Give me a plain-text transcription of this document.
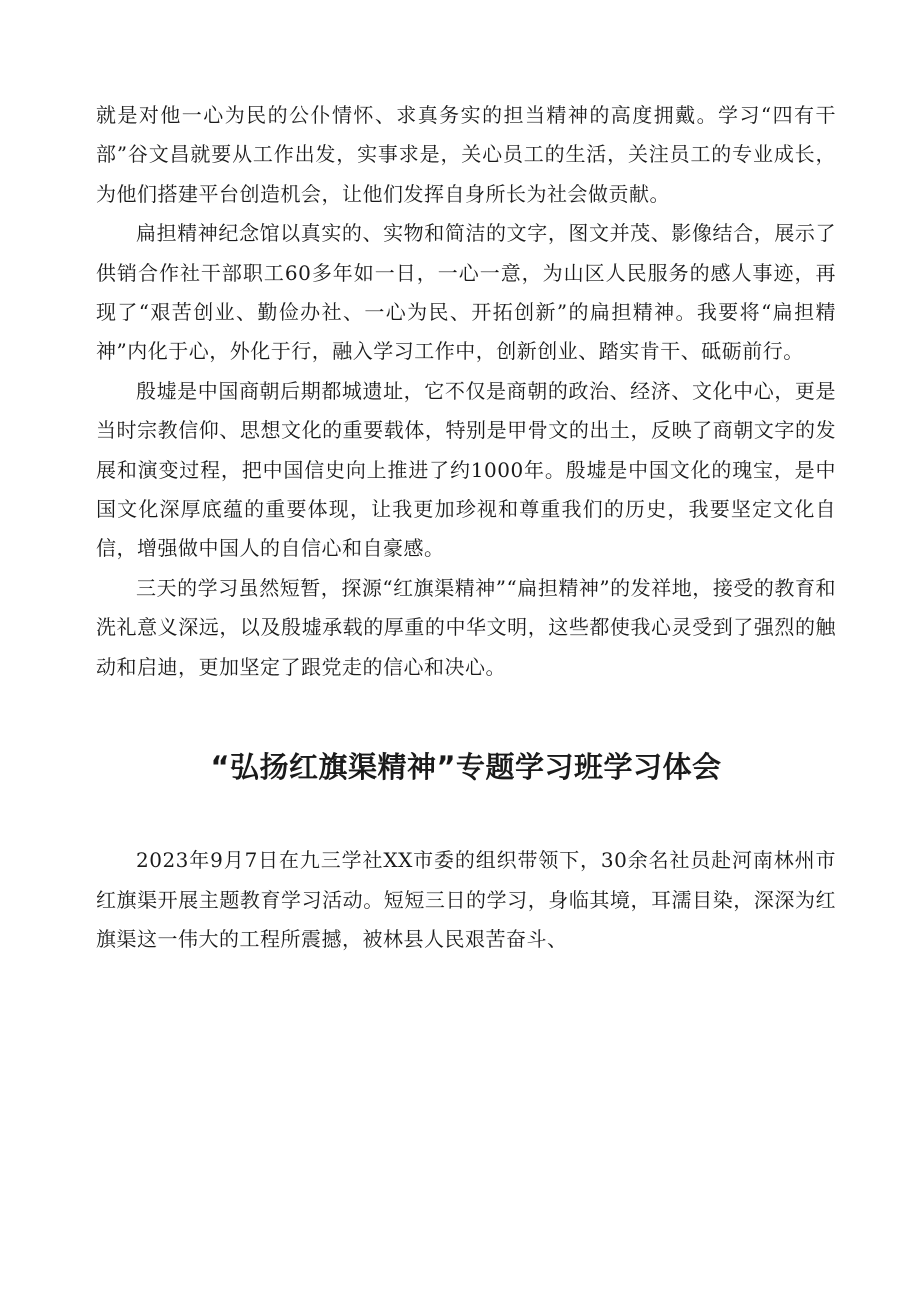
就是对他一心为民的公仆情怀、求真务实的担当精神的高度拥戴。学习“四有干部”谷文昌就要从工作出发，实事求是，关心员工的生活，关注员工的专业成长，为他们搭建平台创造机会，让他们发挥自身所长为社会做贡献。

扁担精神纪念馆以真实的、实物和简洁的文字，图文并茂、影像结合，展示了供销合作社干部职工60多年如一日，一心一意，为山区人民服务的感人事迹，再现了“艰苦创业、勤俭办社、一心为民、开拓创新”的扁担精神。我要将“扁担精神”内化于心，外化于行，融入学习工作中，创新创业、踏实肯干、砥砺前行。

殷墟是中国商朝后期都城遗址，它不仅是商朝的政治、经济、文化中心，更是当时宗教信仰、思想文化的重要载体，特别是甲骨文的出土，反映了商朝文字的发展和演变过程，把中国信史向上推进了约1000年。殷墟是中国文化的瑰宝，是中国文化深厚底蕴的重要体现，让我更加珍视和尊重我们的历史，我要坚定文化自信，增强做中国人的自信心和自豪感。

三天的学习虽然短暂，探源“红旗渠精神”“扁担精神”的发祥地，接受的教育和洗礼意义深远，以及殷墟承载的厚重的中华文明，这些都使我心灵受到了强烈的触动和启迪，更加坚定了跟党走的信心和决心。

“弘扬红旗渠精神”专题学习班学习体会

2023年9月7日在九三学社XX市委的组织带领下，30余名社员赴河南林州市红旗渠开展主题教育学习活动。短短三日的学习，身临其境，耳濡目染，深深为红旗渠这一伟大的工程所震撼，被林县人民艰苦奋斗、
